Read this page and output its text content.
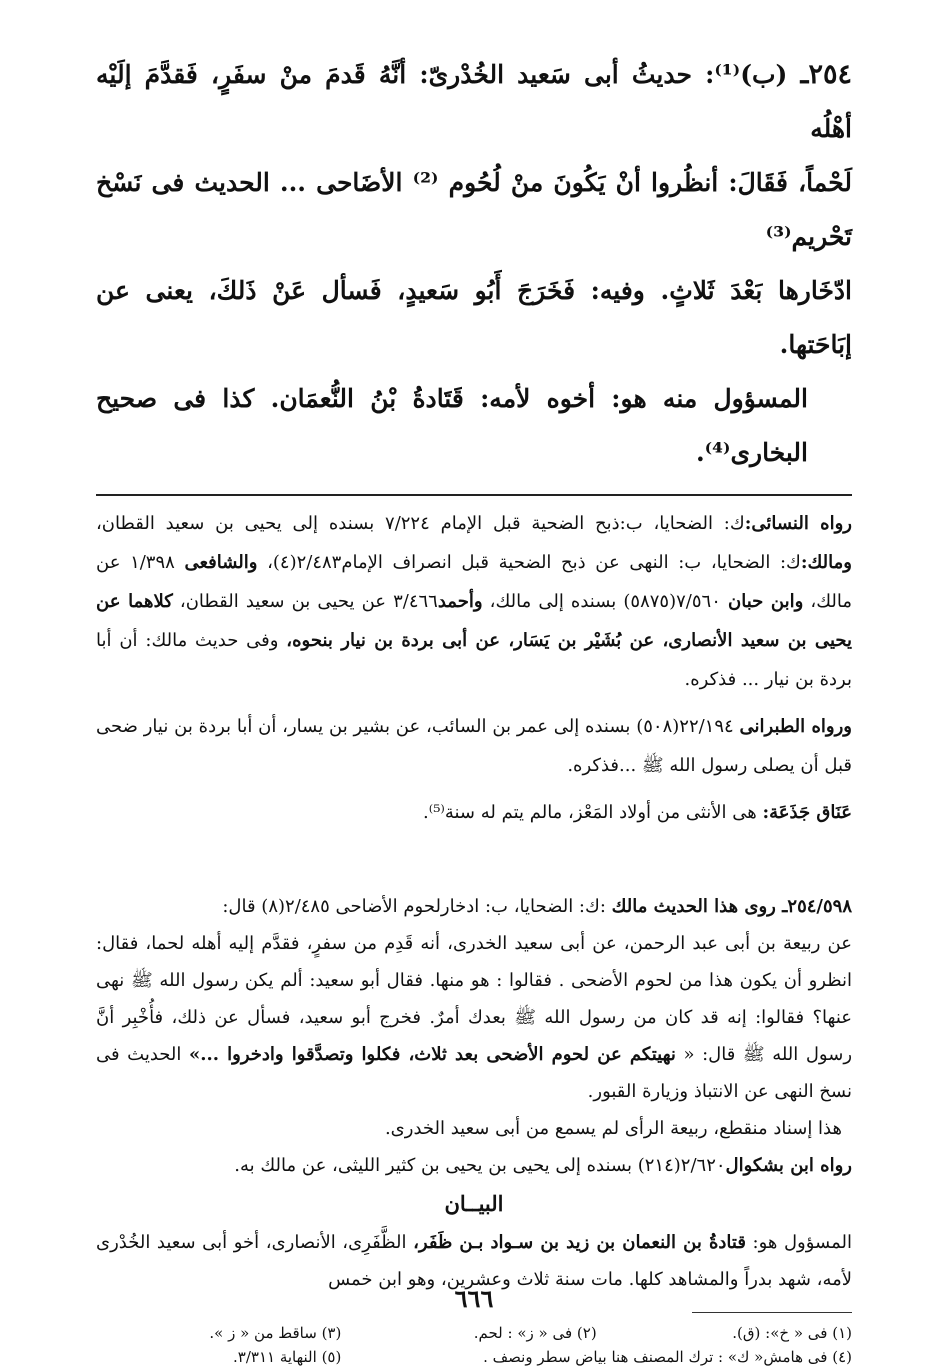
٢٥٤ـ (ب)⁽¹⁾: حديثُ أبى سَعيد الخُدْرىّ: أنَّهُ قَدمَ منْ سفَرٍ، فَقدَّمَ إلَيْه أهْلُه

لَحْماً، فَقَالَ: أنظُروا أنْ يَكُونَ منْ لُحُوم ⁽²⁾ الأضَاحى ... الحديث فى نَسْخ تَحْريم⁽³⁾

ادّخَارها بَعْدَ ثَلاثٍ. وفيه: فَخَرَجَ أَبُو سَعيدٍ، فَسأل عَنْ ذَلكَ، يعنى عن إبَاحَتها.

المسؤول منه هو: أخوه لأمه: قَتَادةُ بْنُ النُّعمَان. كذا فى صحيح البخارى⁽⁴⁾.

رواه النسائى:ك: الضحايا، ب:ذبح الضحية قبل الإمام ٧/٢٢٤ بسنده إلى يحيى بن سعيد القطان، ومالك:ك: الضحايا، ب: النهى عن ذبح الضحية قبل انصراف الإمام٢/٤٨٣(٤)، والشافعى ١/٣٩٨ عن مالك، وابن حبان ٧/٥٦٠(٥٨٧٥) بسنده إلى مالك، وأحمد٣/٤٦٦ عن يحيى بن سعيد القطان، كلاهما عن يحيى بن سعيد الأنصارى، عن بُشَيْر بن يَسَار، عن أبى بردة بن نيار بنحوه، وفى حديث مالك: أن أبا بردة بن نيار ... فذكره.

ورواه الطبرانى ٢٢/١٩٤(٥٠٨) بسنده إلى عمر بن السائب، عن بشير بن يسار، أن أبا بردة بن نيار ضحى قبل أن يصلى رسول الله ﷺ ...فذكره.

عَنَاق جَذَعَة: هى الأنثى من أولاد المَعْز، مالم يتم له سنة⁽⁵⁾.

٢٥٤/٥٩٨ـ روى هذا الحديث مالك :ك: الضحايا، ب: ادخارلحوم الأضاحى ٢/٤٨٥(٨) قال:

عن ربيعة بن أبى عبد الرحمن، عن أبى سعيد الخدرى، أنه قَدِم من سفرٍ، فقدَّم إليه أهله لحما، فقال: انظرو أن يكون هذا من لحوم الأضحى . فقالوا : هو منها. فقال أبو سعيد: ألم يكن رسول الله ﷺ نهى عنها؟ فقالوا: إنه قد كان من رسول الله ﷺ بعدك أمرٌ. فخرج أبو سعيد، فسأل عن ذلك، فأُخْبِر أنَّ رسول الله ﷺ قال: « نهيتكم عن لحوم الأضحى بعد ثلاث، فكلوا وتصدَّقوا وادخروا ...» الحديث فى نسخ النهى عن الانتباذ وزيارة القبور.

هذا إسناد منقطع، ربيعة الرأى لم يسمع من أبى سعيد الخدرى.

رواه ابن بشكوال٢/٦٢٠(٢١٤) بسنده إلى يحيى بن يحيى بن كثير الليثى، عن مالك به.

البيــان

المسؤول هو: قتادةُ بن النعمان بن زيد بن سـواد بـن ظَفَر، الظَّفَرِى، الأنصارى، أخو أبى سعيد الخُدْرى لأمه، شهد بدراً والمشاهد كلها. مات سنة ثلاث وعشرين، وهو ابن خمس

(١) فى « خ»: (ق).
(٢) فى « ز» : لحم.
(٣) ساقط من « ز ».
(٤) فى هامش« ك» : ترك المصنف هنا بياض سطر ونصف .
(٥) النهاية ٣/٣١١.
٦٦٦
